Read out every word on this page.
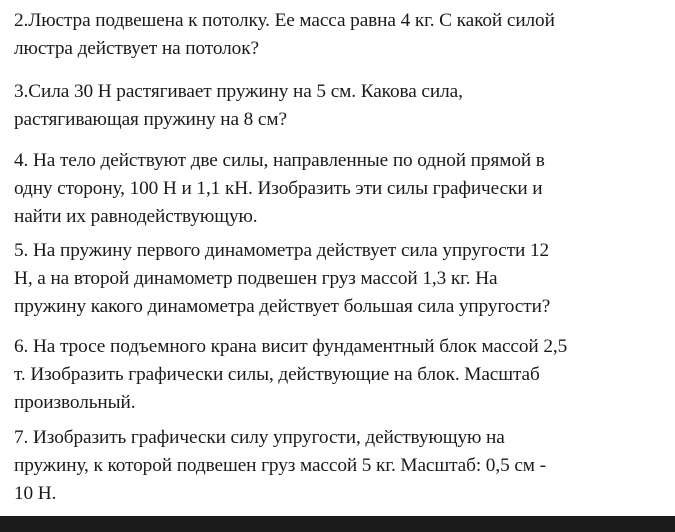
2.Люстра подвешена к потолку. Ее масса равна 4 кг. С какой силой
люстра действует на потолок?

3.Сила 30 Н растягивает пружину на 5 см. Какова сила,
растягивающая пружину на 8 см?

4. На тело действуют две силы, направленные по одной прямой в
одну сторону, 100 Н и 1,1 кН. Изобразить эти силы графически и
найти их равнодействующую.

5. На пружину первого динамометра действует сила упругости 12
Н, а на второй динамометр подвешен груз массой 1,3 кг. На
пружину какого динамометра действует большая сила упругости?

6. На тросе подъемного крана висит фундаментный блок массой 2,5
т. Изобразить графически силы, действующие на блок. Масштаб
произвольный.

7. Изобразить графически силу упругости, действующую на
пружину, к которой подвешен груз массой 5 кг. Масштаб: 0,5 см -
10 Н.
